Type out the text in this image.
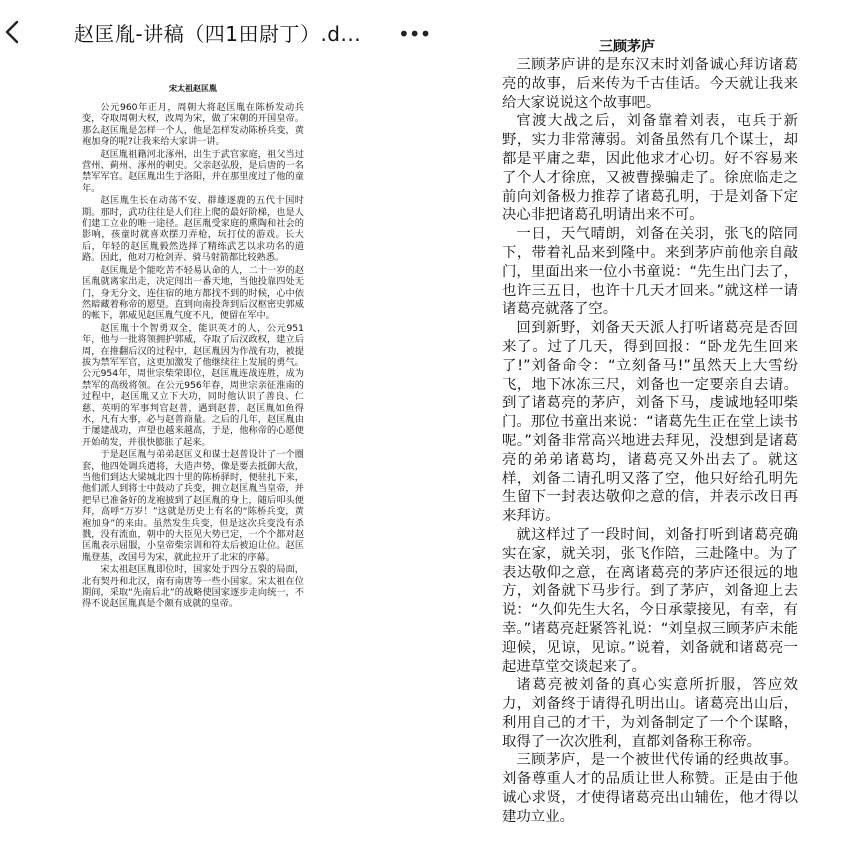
赵匡胤-讲稿（四1田尉丁）.d... •••
宋太祖赵匡胤

公元960年正月，周朝大将赵匡胤在陈桥发动兵变，夺取周朝大权，改周为宋，做了宋朝的开国皇帝。那么赵匡胤是怎样一个人，他是怎样发动陈桥兵变，黄袍加身的呢?让我来给大家讲一讲。

赵匡胤祖籍河北涿州，出生于武官家庭，祖父当过营州、蓟州、涿州的刺史。父亲赵弘殷，是后唐的一名禁军军官。赵匡胤出生于洛阳，并在那里度过了他的童年。

赵匡胤生长在动荡不安、群雄逐鹿的五代十国时期。那时，武功往往是人们往上爬的最好阶梯，也是人们建工立业的唯一途径。赵匡胤受家庭的熏陶和社会的影响，孩童时就喜欢摆刀弄枪，玩打仗的游戏。长大后，年轻的赵匡胤毅然选择了精练武艺以求功名的道路。因此，他对刀枪剑弄、骑马射箭都比较熟悉。

赵匡胤是个能吃苦不轻易认命的人，二十一岁的赵匡胤就离家出走，决定闯出一番天地，当他投靠四处无门，身无分文，连住宿的地方都找不到的时候，心中依然暗藏着称帝的愿望。直到向南投奔到后汉枢密史郭威的帐下，郭威见赵匡胤气度不凡，便留在军中。

赵匡胤十个智勇双全，能识英才的人，公元951年，他与一批将领拥护郭威，夺取了后汉政权，建立后周，在推翻后汉的过程中，赵匡胤因为作战有功，被提拔为禁军军官，这更加激发了他继续往上发展的勇气。公元954年，周世宗柴荣即位，赵匡胤连战连胜，成为禁军的高级将领。在公元956年春，周世宗亲征淮南的过程中，赵匡胤又立下大功，同时他认识了善良、仁慈、英明的军事判官赵普，遇到赵普，赵匡胤如鱼得水，凡有大事，必与赵普商量。之后的几年，赵匡胤由于屡建战功，声望也越来越高，于是，他称帝的心愿便开始萌发，并很快膨胀了起来。

于是赵匡胤与弟弟赵匡义和谋士赵普设计了一个圈套，他四处调兵遣将，大造声势，像是要去抵御大敌，当他们到达大梁城北四十里的陈桥驿时，便驻扎下来，他们派人到将士中鼓动了兵变，拥立赵匡胤当皇帝，并把早已准备好的龙袍披到了赵匡胤的身上，随后叩头便拜，高呼“万岁！”这就是历史上有名的“陈桥兵变，黄袍加身”的来由。虽然发生兵变，但是这次兵变没有杀戮，没有流血，朝中的大臣见大势已定，一个个都对赵匡胤表示屈服，小皇帝柴宗训和符太后被迫让位。赵匡胤登基，改国号为宋，就此拉开了北宋的序幕。

宋太祖赵匡胤即位时，国家处于四分五裂的局面，北有契丹和北汉，南有南唐等一些小国家。宋太祖在位期间，采取“先南后北”的战略使国家逐步走向统一，不得不说赵匡胤真是个颇有成就的皇帝。

三顾茅庐

三顾茅庐讲的是东汉末时刘备诚心拜访诸葛亮的故事，后来传为千古佳话。今天就让我来给大家说说这个故事吧。

官渡大战之后，刘备靠着刘表，屯兵于新野，实力非常薄弱。刘备虽然有几个谋士，却都是平庸之辈，因此他求才心切。好不容易来了个人才徐庶，又被曹操骗走了。徐庶临走之前向刘备极力推荐了诸葛孔明，于是刘备下定决心非把诸葛孔明请出来不可。

一日，天气晴朗，刘备在关羽，张飞的陪同下，带着礼品来到隆中。来到茅庐前他亲自敲门，里面出来一位小书童说：“先生出门去了，也许三五日，也许十几天才回来。”就这样一请诸葛亮就落了空。

回到新野，刘备天天派人打听诸葛亮是否回来了。过了几天，得到回报：“卧龙先生回来了!”刘备命令：“立刻备马!”虽然天上大雪纷飞，地下冰冻三尺，刘备也一定要亲自去请。到了诸葛亮的茅庐，刘备下马，虔诚地轻叩柴门。那位书童出来说：“诸葛先生正在堂上读书呢。”刘备非常高兴地进去拜见，没想到是诸葛亮的弟弟诸葛均，诸葛亮又外出去了。就这样，刘备二请孔明又落了空，他只好给孔明先生留下一封表达敬仰之意的信，并表示改日再来拜访。

就这样过了一段时间，刘备打听到诸葛亮确实在家，就关羽，张飞作陪，三赴隆中。为了表达敬仰之意，在离诸葛亮的茅庐还很远的地方，刘备就下马步行。到了茅庐，刘备迎上去说：“久仰先生大名，今日承蒙接见，有幸，有幸。”诸葛亮赶紧答礼说：“刘皇叔三顾茅庐未能迎候，见谅，见谅。”说着，刘备就和诸葛亮一起进草堂交谈起来了。

诸葛亮被刘备的真心实意所折服，答应效力，刘备终于请得孔明出山。诸葛亮出山后，利用自己的才干，为刘备制定了一个个谋略，取得了一次次胜利，直都刘备称王称帝。

三顾茅庐，是一个被世代传诵的经典故事。刘备尊重人才的品质让世人称赞。正是由于他诚心求贤，才使得诸葛亮出山辅佐，他才得以建功立业。
